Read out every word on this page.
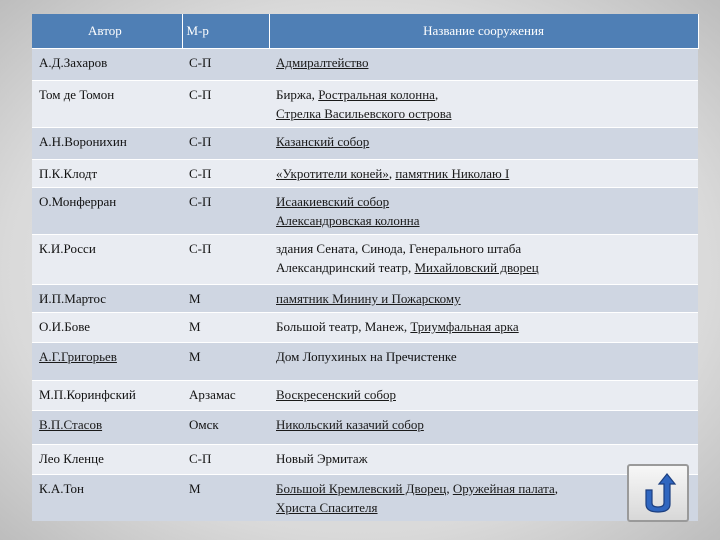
Автор	М-р	Название сооружения
А.Д.Захаров	С-П	Адмиралтейство
Том де Томон	С-П	Биржа, Ростральная колонна,
Стрелка Васильевского острова
А.Н.Воронихин	С-П	Казанский собор
П.К.Клодт	С-П	«Укротители коней», памятник Николаю I
О.Монферран	С-П	Исаакиевский собор
Александровская колонна
К.И.Росси	С-П	здания Сената, Синода, Генерального штаба
Александринский театр, Михайловский дворец
И.П.Мартос	М	памятник Минину и Пожарскому
О.И.Бове	М	Большой театр, Манеж, Триумфальная арка
А.Г.Григорьев	М	Дом Лопухиных на Пречистенке
М.П.Коринфский	Арзамас	Воскресенский собор
В.П.Стасов	Омск	Никольский казачий собор
Лео Кленце	С-П	Новый Эрмитаж
К.А.Тон	М	Большой Кремлевский Дворец, Оружейная палата,
Христа Спасителя
